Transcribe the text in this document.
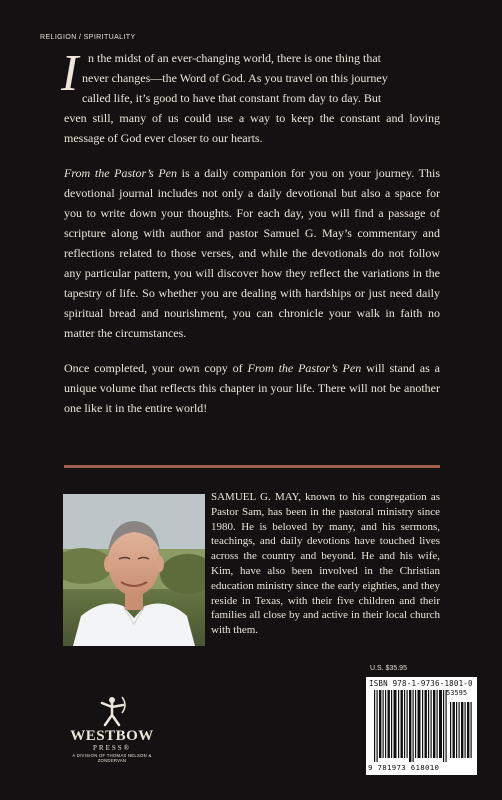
RELIGION / SPIRITUALITY
I n the midst of an ever-changing world, there is one thing that
never changes—the Word of God. As you travel on this journey
called life, it’s good to have that constant from day to day. But
even still, many of us could use a way to keep the constant and loving message of God ever closer to our hearts.

From the Pastor’s Pen is a daily companion for you on your journey. This devotional journal includes not only a daily devotional but also a space for you to write down your thoughts. For each day, you will find a passage of scripture along with author and pastor Samuel G. May’s commentary and reflections related to those verses, and while the devotionals do not follow any particular pattern, you will discover how they reflect the variations in the tapestry of life. So whether you are dealing with hardships or just need daily spiritual bread and nourishment, you can chronicle your walk in faith no matter the circumstances.

Once completed, your own copy of From the Pastor’s Pen will stand as a unique volume that reflects this chapter in your life. There will not be another one like it in the entire world!

SAMUEL G. MAY, known to his congregation as Pastor Sam, has been in the pastoral ministry since 1980. He is beloved by many, and his sermons, teachings, and daily devotions have touched lives across the country and beyond. He and his wife, Kim, have also been involved in the Christian education ministry since the early eighties, and they reside in Texas, with their five children and their families all close by and active in their local church with them.
WESTBOW
PRESS®
A DIVISION OF THOMAS NELSON & ZONDERVAN
U.S. $35.95
ISBN 978-1-9736-1801-0
53595
9 781973 618010
